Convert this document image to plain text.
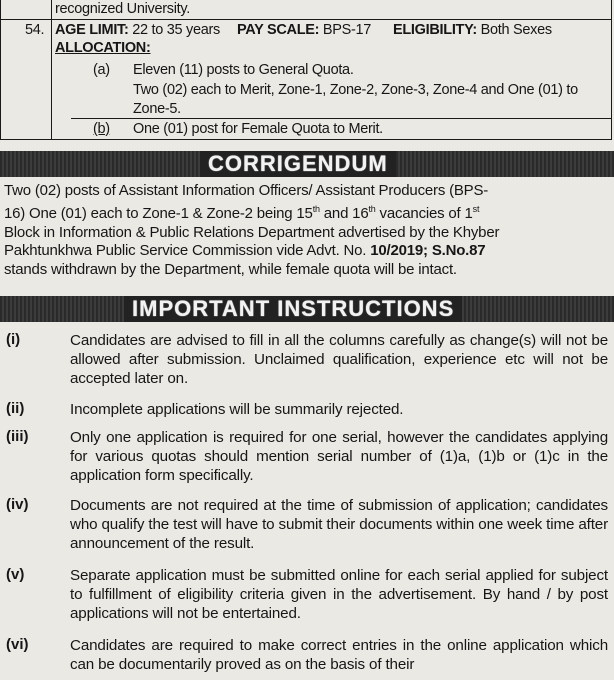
recognized University.
54. AGE LIMIT: 22 to 35 years PAY SCALE: BPS-17 ELIGIBILITY: Both Sexes
ALLOCATION:
(a) Eleven (11) posts to General Quota.
Two (02) each to Merit, Zone-1, Zone-2, Zone-3, Zone-4 and One (01) to
Zone-5.
(b) One (01) post for Female Quota to Merit.
CORRIGENDUM
Two (02) posts of Assistant Information Officers/ Assistant Producers (BPS-
16) One (01) each to Zone-1 & Zone-2 being 15th and 16th vacancies of 1st
Block in Information & Public Relations Department advertised by the Khyber
Pakhtunkhwa Public Service Commission vide Advt. No. 10/2019; S.No.87
stands withdrawn by the Department, while female quota will be intact.
IMPORTANT INSTRUCTIONS
(i)	Candidates are advised to fill in all the columns carefully as change(s) will not be allowed after submission. Unclaimed qualification, experience etc will not be accepted later on.
(ii)	Incomplete applications will be summarily rejected.
(iii)	Only one application is required for one serial, however the candidates applying for various quotas should mention serial number of (1)a, (1)b or (1)c in the application form specifically.
(iv)	Documents are not required at the time of submission of application; candidates who qualify the test will have to submit their documents within one week time after announcement of the result.
(v)	Separate application must be submitted online for each serial applied for subject to fulfillment of eligibility criteria given in the advertisement. By hand / by post applications will not be entertained.
(vi)	Candidates are required to make correct entries in the online application which can be documentarily proved as on the basis of their
